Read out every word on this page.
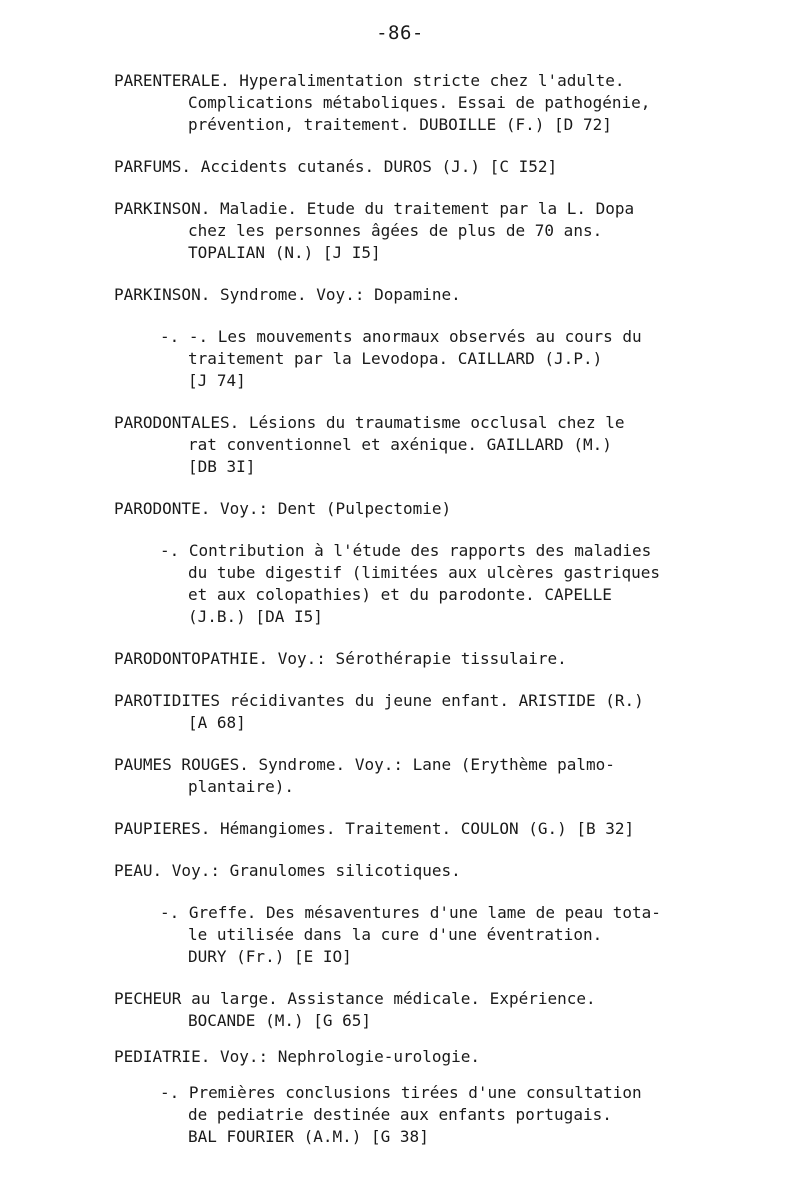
-86-
PARENTERALE. Hyperalimentation stricte chez l'adulte.
Complications métaboliques. Essai de pathogénie,
prévention, traitement. DUBOILLE (F.) [D 72]
PARFUMS. Accidents cutanés. DUROS (J.) [C I52]
PARKINSON. Maladie. Etude du traitement par la L. Dopa
chez les personnes âgées de plus de 70 ans.
TOPALIAN (N.) [J I5]
PARKINSON. Syndrome. Voy.: Dopamine.
-. -. Les mouvements anormaux observés au cours du
traitement par la Levodopa. CAILLARD (J.P.)
[J 74]
PARODONTALES. Lésions du traumatisme occlusal chez le
rat conventionnel et axénique. GAILLARD (M.)
[DB 3I]
PARODONTE. Voy.: Dent (Pulpectomie)
-. Contribution à l'étude des rapports des maladies
du tube digestif (limitées aux ulcères gastriques
et aux colopathies) et du parodonte. CAPELLE
(J.B.) [DA I5]
PARODONTOPATHIE. Voy.: Sérothérapie tissulaire.
PAROTIDITES récidivantes du jeune enfant. ARISTIDE (R.)
[A 68]
PAUMES ROUGES. Syndrome. Voy.: Lane (Erythème palmo-
plantaire).
PAUPIERES. Hémangiomes. Traitement. COULON (G.) [B 32]
PEAU. Voy.: Granulomes silicotiques.
-. Greffe. Des mésaventures d'une lame de peau tota-
le utilisée dans la cure d'une éventration.
DURY (Fr.) [E IO]
PECHEUR au large. Assistance médicale. Expérience.
BOCANDE (M.) [G 65]
PEDIATRIE. Voy.: Nephrologie-urologie.
-. Premières conclusions tirées d'une consultation
de pediatrie destinée aux enfants portugais.
BAL FOURIER (A.M.) [G 38]
